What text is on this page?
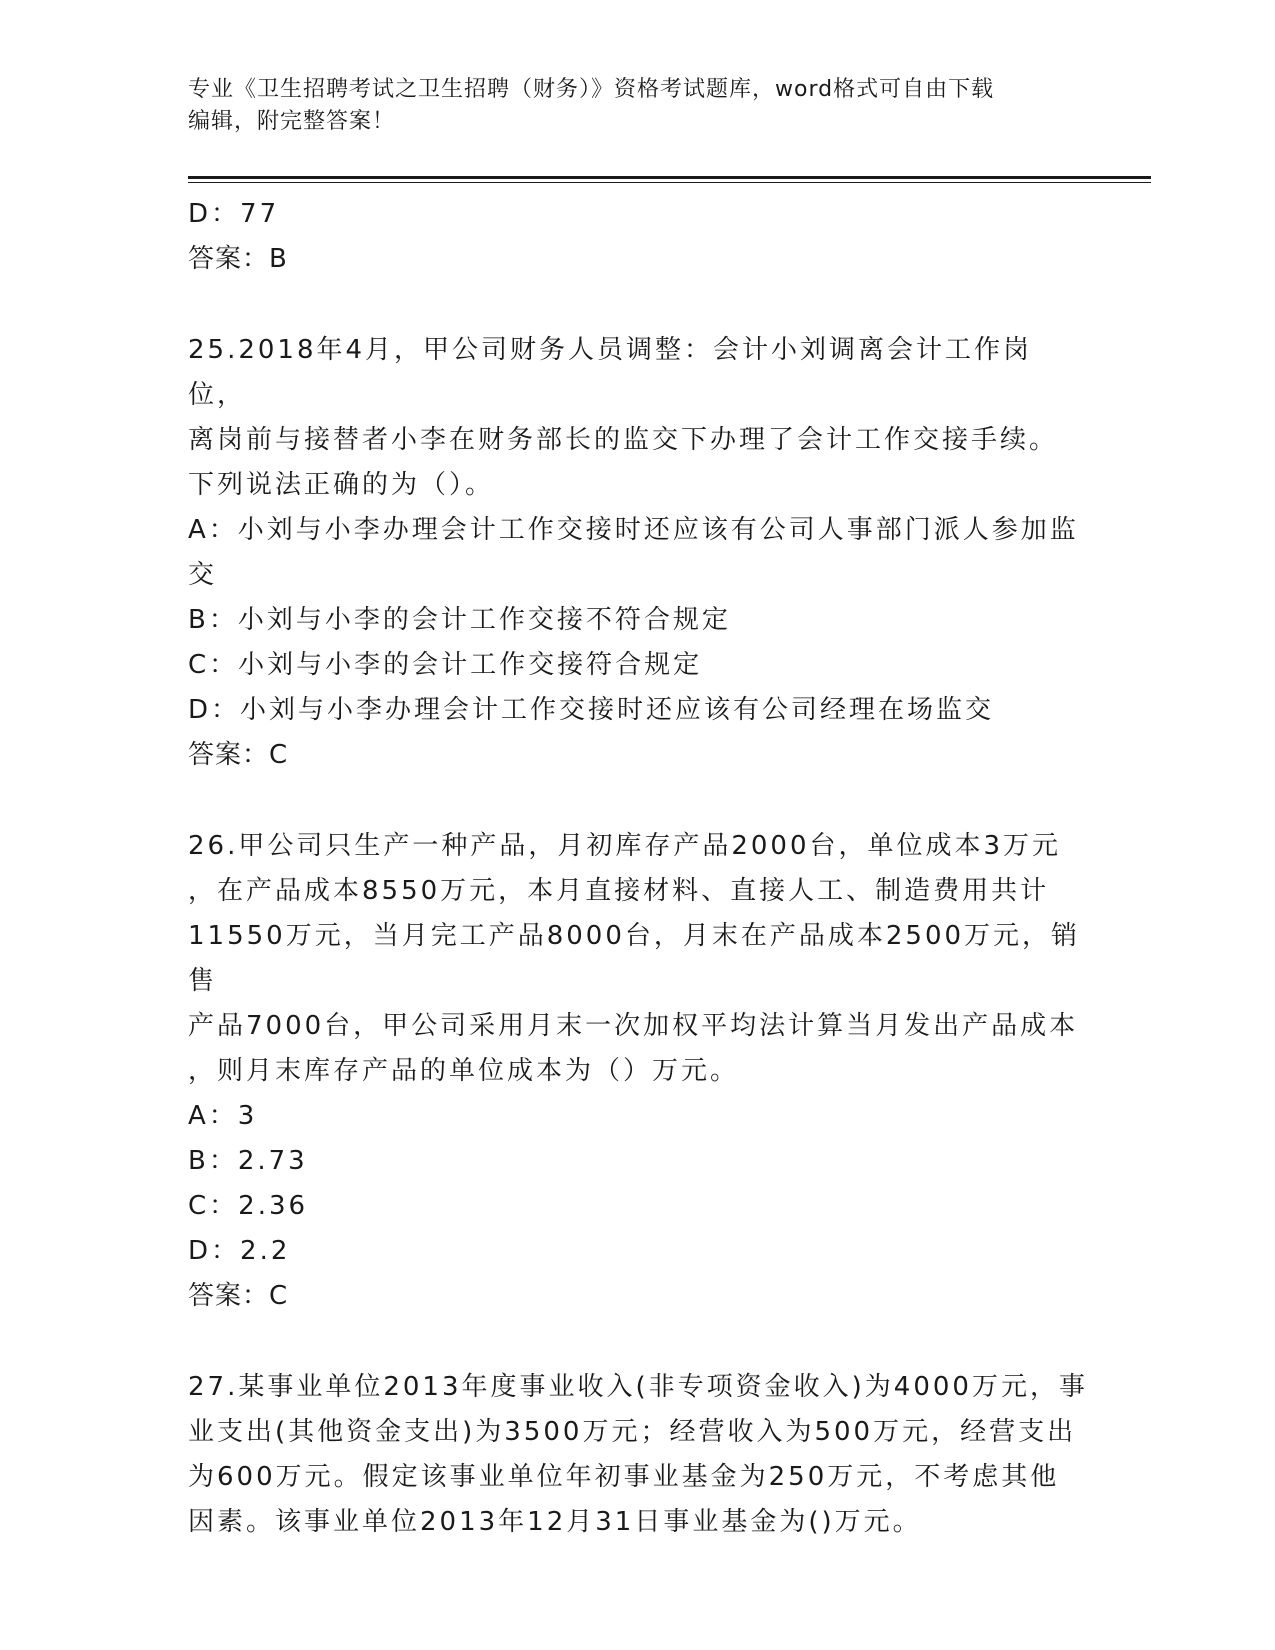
专业《卫生招聘考试之卫生招聘（财务）》资格考试题库，word格式可自由下载
编辑，附完整答案！

D：77

答案：B

25.2018年4月，甲公司财务人员调整：会计小刘调离会计工作岗位，

离岗前与接替者小李在财务部长的监交下办理了会计工作交接手续。

下列说法正确的为（）。

A：小刘与小李办理会计工作交接时还应该有公司人事部门派人参加监

交

B：小刘与小李的会计工作交接不符合规定

C：小刘与小李的会计工作交接符合规定

D：小刘与小李办理会计工作交接时还应该有公司经理在场监交

答案：C

26.甲公司只生产一种产品，月初库存产品2000台，单位成本3万元

，在产品成本8550万元，本月直接材料、直接人工、制造费用共计

11550万元，当月完工产品8000台，月末在产品成本2500万元，销售

产品7000台，甲公司采用月末一次加权平均法计算当月发出产品成本

，则月末库存产品的单位成本为（）万元。

A：3

B：2.73

C：2.36

D：2.2

答案：C

27.某事业单位2013年度事业收入(非专项资金收入)为4000万元，事

业支出(其他资金支出)为3500万元；经营收入为500万元，经营支出

为600万元。假定该事业单位年初事业基金为250万元，不考虑其他

因素。该事业单位2013年12月31日事业基金为()万元。
